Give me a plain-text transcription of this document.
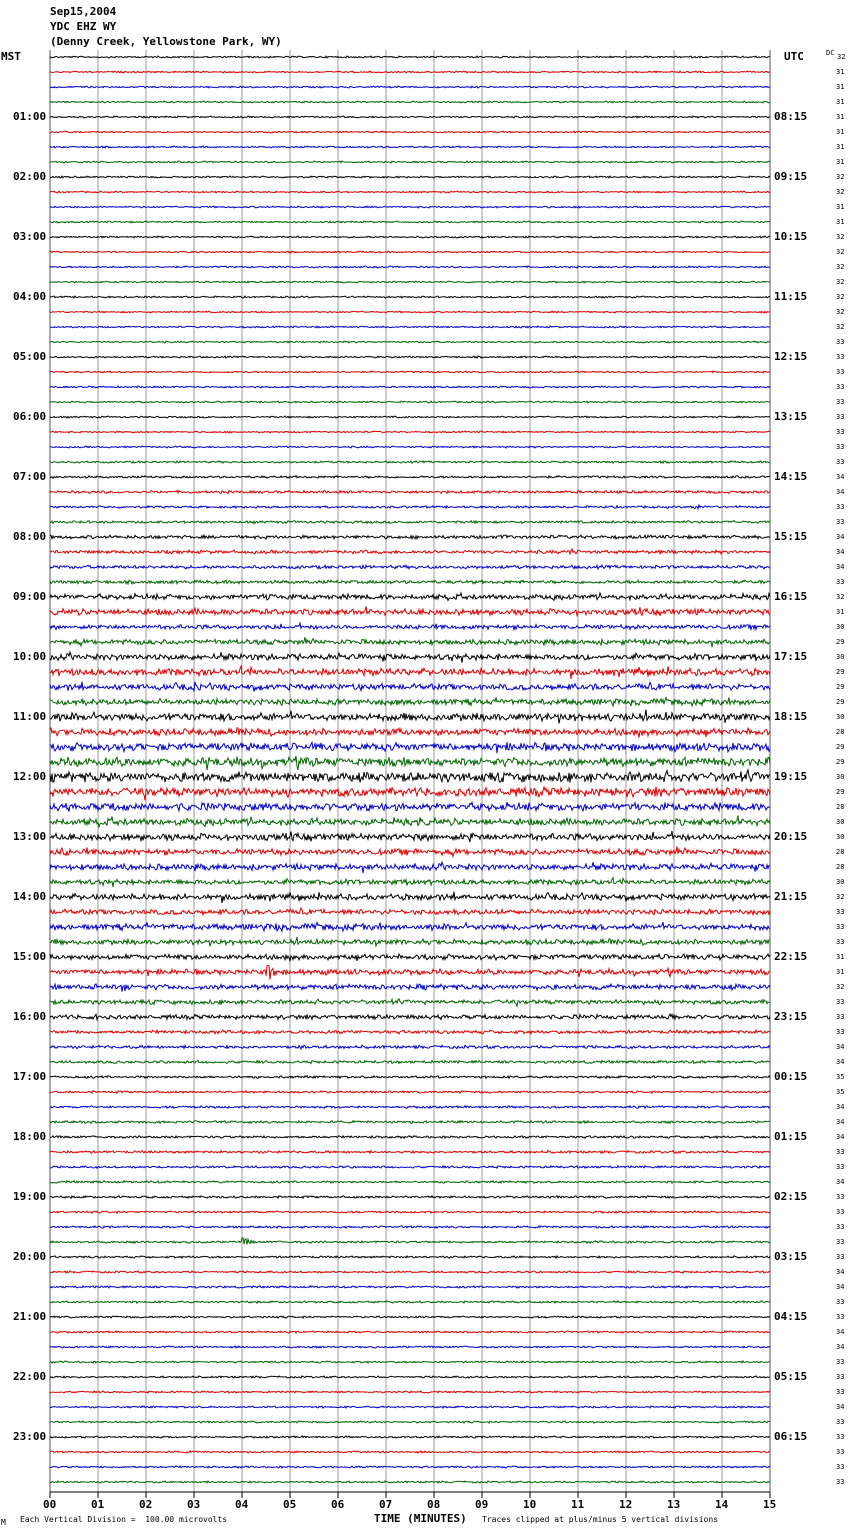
Sep15,2004
YDC EHZ WY
(Denny Creek, Yellowstone Park, WY)
MST	UTC	DC
01:00
02:00
03:00
04:00
05:00
06:00
07:00
08:00
09:00
10:00
11:00
12:00
13:00
14:00
15:00
16:00
17:00
18:00
19:00
20:00
21:00
22:00
23:00
08:15
09:15
10:15
11:15
12:15
13:15
14:15
15:15
16:15
17:15
18:15
19:15
20:15
21:15
22:15
23:15
00:15
01:15
02:15
03:15
04:15
05:15
06:15
32
31
31
31
31
31
31
31
32
32
31
31
32
32
32
32
32
32
32
33
33
33
33
33
33
33
33
33
34
34
33
33
34
34
34
33
32
31
30
29
30
29
29
29
30
28
29
29
30
29
28
30
30
28
28
30
32
33
33
33
31
31
32
33
33
33
34
34
35
35
34
34
34
33
33
34
33
33
33
33
33
34
34
33
33
34
34
33
33
33
34
33
33
33
33
33
00	01	02	03	04	05	06	07	08	09	10	11	12	13	14	15
M Each Vertical Division =  100.00 microvolts	TIME (MINUTES) Traces clipped at plus/minus 5 vertical divisions
